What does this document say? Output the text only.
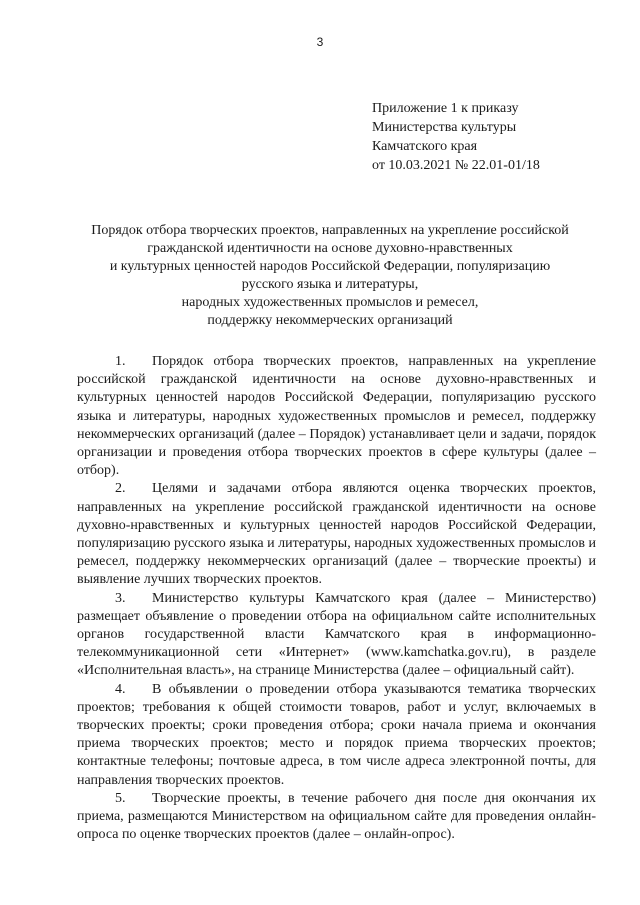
3
Приложение 1 к приказу
Министерства культуры
Камчатского края
от 10.03.2021 № 22.01-01/18
Порядок отбора творческих проектов, направленных на укрепление российской
гражданской идентичности на основе духовно-нравственных
и культурных ценностей народов Российской Федерации, популяризацию
русского языка и литературы,
народных художественных промыслов и ремесел,
поддержку некоммерческих организаций

1. Порядок отбора творческих проектов, направленных на укрепление российской гражданской идентичности на основе духовно-нравственных и культурных ценностей народов Российской Федерации, популяризацию русского языка и литературы, народных художественных промыслов и ремесел, поддержку некоммерческих организаций (далее – Порядок) устанавливает цели и задачи, порядок организации и проведения отбора творческих проектов в сфере культуры (далее – отбор).

2. Целями и задачами отбора являются оценка творческих проектов, направленных на укрепление российской гражданской идентичности на основе духовно-нравственных и культурных ценностей народов Российской Федерации, популяризацию русского языка и литературы, народных художественных промыслов и ремесел, поддержку некоммерческих организаций (далее – творческие проекты) и выявление лучших творческих проектов.

3. Министерство культуры Камчатского края (далее – Министерство) размещает объявление о проведении отбора на официальном сайте исполнительных органов государственной власти Камчатского края в информационно-телекоммуникационной сети «Интернет» (www.kamchatka.gov.ru), в разделе «Исполнительная власть», на странице Министерства (далее – официальный сайт).

4. В объявлении о проведении отбора указываются тематика творческих проектов; требования к общей стоимости товаров, работ и услуг, включаемых в творческих проекты; сроки проведения отбора; сроки начала приема и окончания приема творческих проектов; место и порядок приема творческих проектов; контактные телефоны; почтовые адреса, в том числе адреса электронной почты, для направления творческих проектов.

5. Творческие проекты, в течение рабочего дня после дня окончания их приема, размещаются Министерством на официальном сайте для проведения онлайн-опроса по оценке творческих проектов (далее – онлайн-опрос).
